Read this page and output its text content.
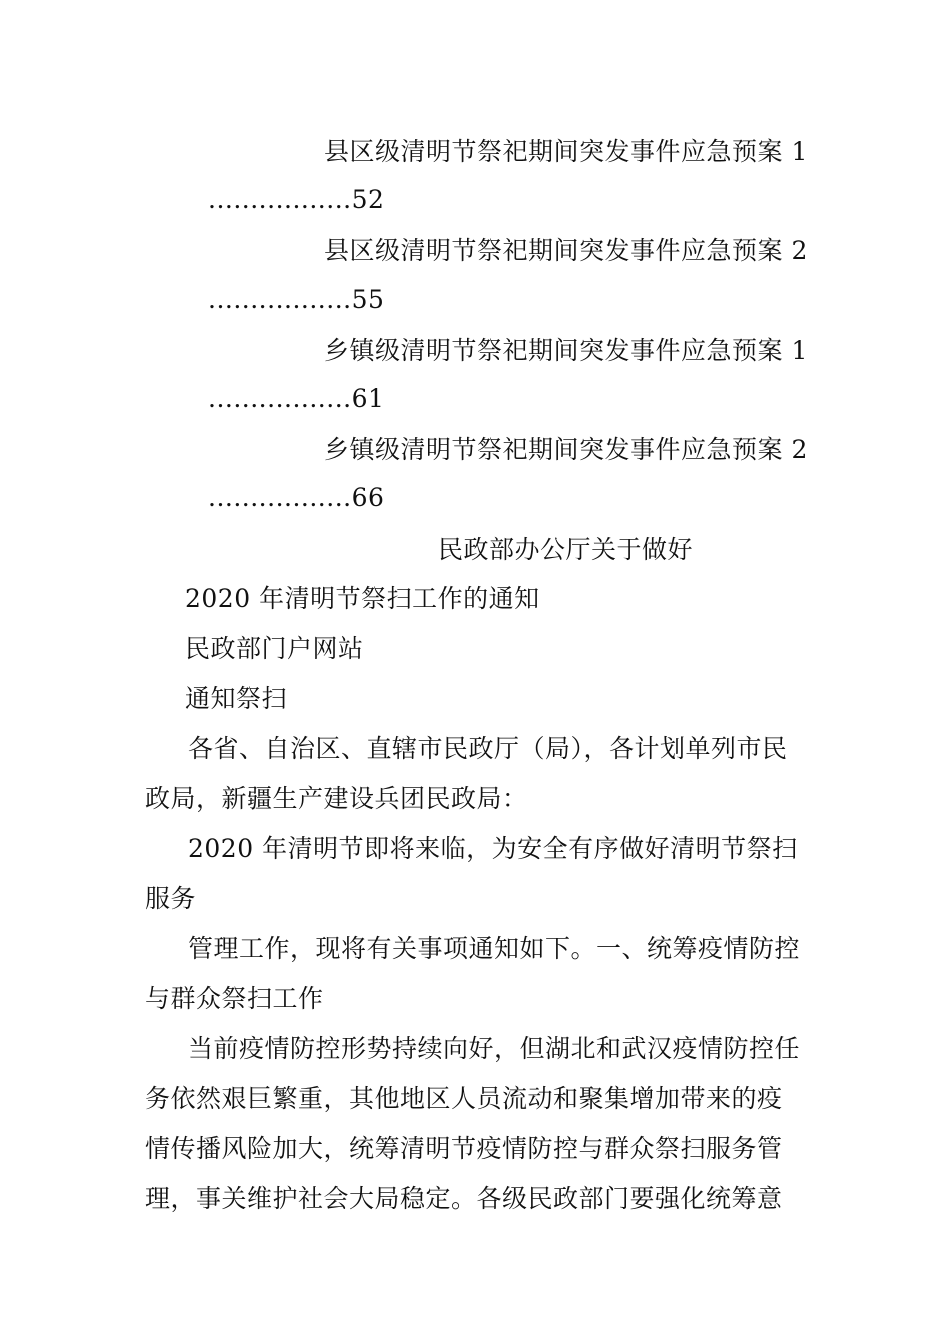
县区级清明节祭祀期间突发事件应急预案 1
.................52
县区级清明节祭祀期间突发事件应急预案 2
.................55
乡镇级清明节祭祀期间突发事件应急预案 1
.................61
乡镇级清明节祭祀期间突发事件应急预案 2
.................66
民政部办公厅关于做好
2020 年清明节祭扫工作的通知
民政部门户网站
通知祭扫
各省、自治区、直辖市民政厅（局），各计划单列市民
政局，新疆生产建设兵团民政局：
2020 年清明节即将来临，为安全有序做好清明节祭扫
服务
管理工作，现将有关事项通知如下。一、统筹疫情防控
与群众祭扫工作
当前疫情防控形势持续向好，但湖北和武汉疫情防控任
务依然艰巨繁重，其他地区人员流动和聚集增加带来的疫
情传播风险加大，统筹清明节疫情防控与群众祭扫服务管
理，事关维护社会大局稳定。各级民政部门要强化统筹意
